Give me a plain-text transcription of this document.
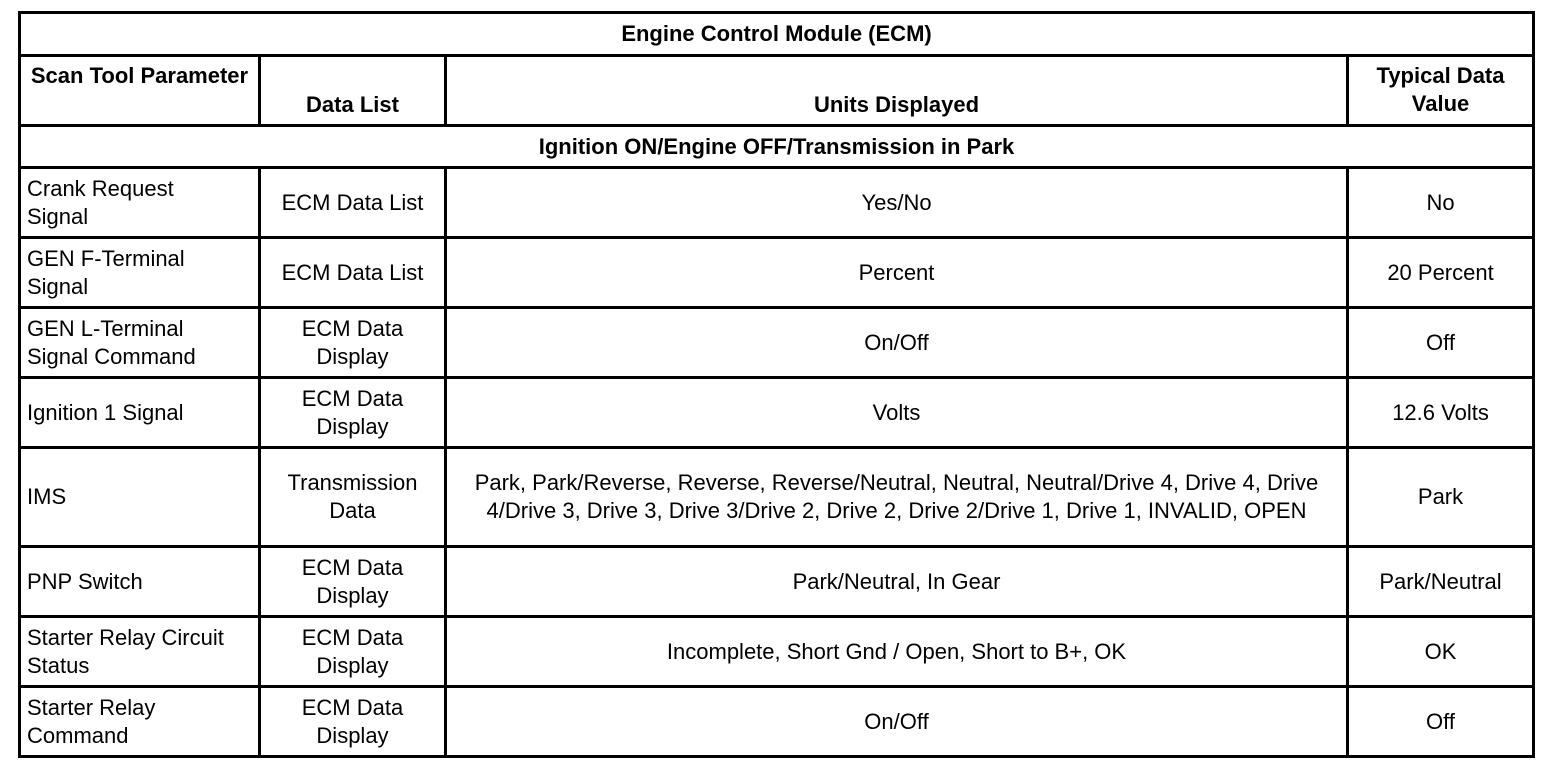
Engine Control Module (ECM)			
Scan Tool Parameter	Data List	Units Displayed	Typical Data Value
Ignition ON/Engine OFF/Transmission in Park			
Crank Request Signal	ECM Data List	Yes/No	No
GEN F-Terminal Signal	ECM Data List	Percent	20 Percent
GEN L-Terminal Signal Command	ECM Data Display	On/Off	Off
Ignition 1 Signal	ECM Data Display	Volts	12.6 Volts
IMS	Transmission Data	Park, Park/Reverse, Reverse, Reverse/Neutral, Neutral, Neutral/Drive 4, Drive 4, Drive 4/Drive 3, Drive 3, Drive 3/Drive 2, Drive 2, Drive 2/Drive 1, Drive 1, INVALID, OPEN	Park
PNP Switch	ECM Data Display	Park/Neutral, In Gear	Park/Neutral
Starter Relay Circuit Status	ECM Data Display	Incomplete, Short Gnd / Open, Short to B+, OK	OK
Starter Relay Command	ECM Data Display	On/Off	Off
